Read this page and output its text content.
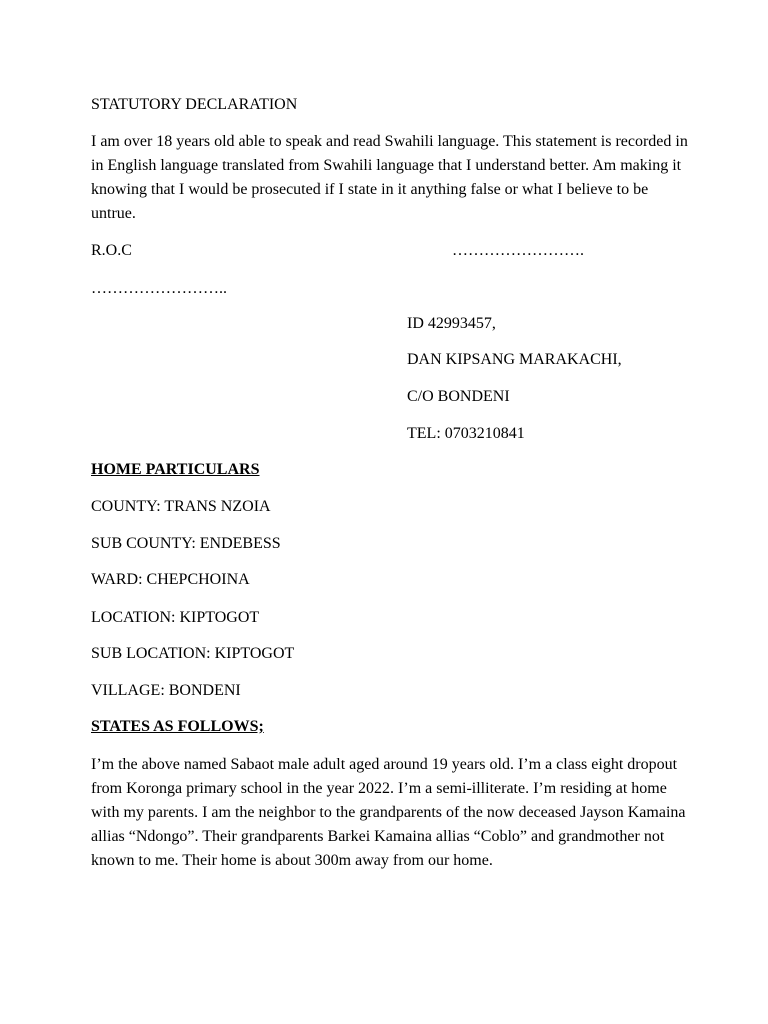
STATUTORY DECLARATION

I am over 18 years old able to speak and read Swahili language. This statement is recorded in in English language translated from Swahili language that I understand better. Am making it knowing that I would be prosecuted if I state in it anything false or what I believe to be untrue.

R.O.C	…………………….

……………………..

ID 42993457,

DAN KIPSANG MARAKACHI,

C/O BONDENI

TEL: 0703210841

HOME PARTICULARS

COUNTY: TRANS NZOIA

SUB COUNTY: ENDEBESS

WARD: CHEPCHOINA

LOCATION: KIPTOGOT

SUB LOCATION: KIPTOGOT

VILLAGE: BONDENI

STATES AS FOLLOWS;

I’m the above named Sabaot male adult aged around 19 years old. I’m a class eight dropout from Koronga primary school in the year 2022. I’m a semi-illiterate. I’m residing at home with my parents. I am the neighbor to the grandparents of the now deceased Jayson Kamaina allias “Ndongo”. Their grandparents Barkei Kamaina allias “Coblo” and grandmother not known to me. Their home is about 300m away from our home.
